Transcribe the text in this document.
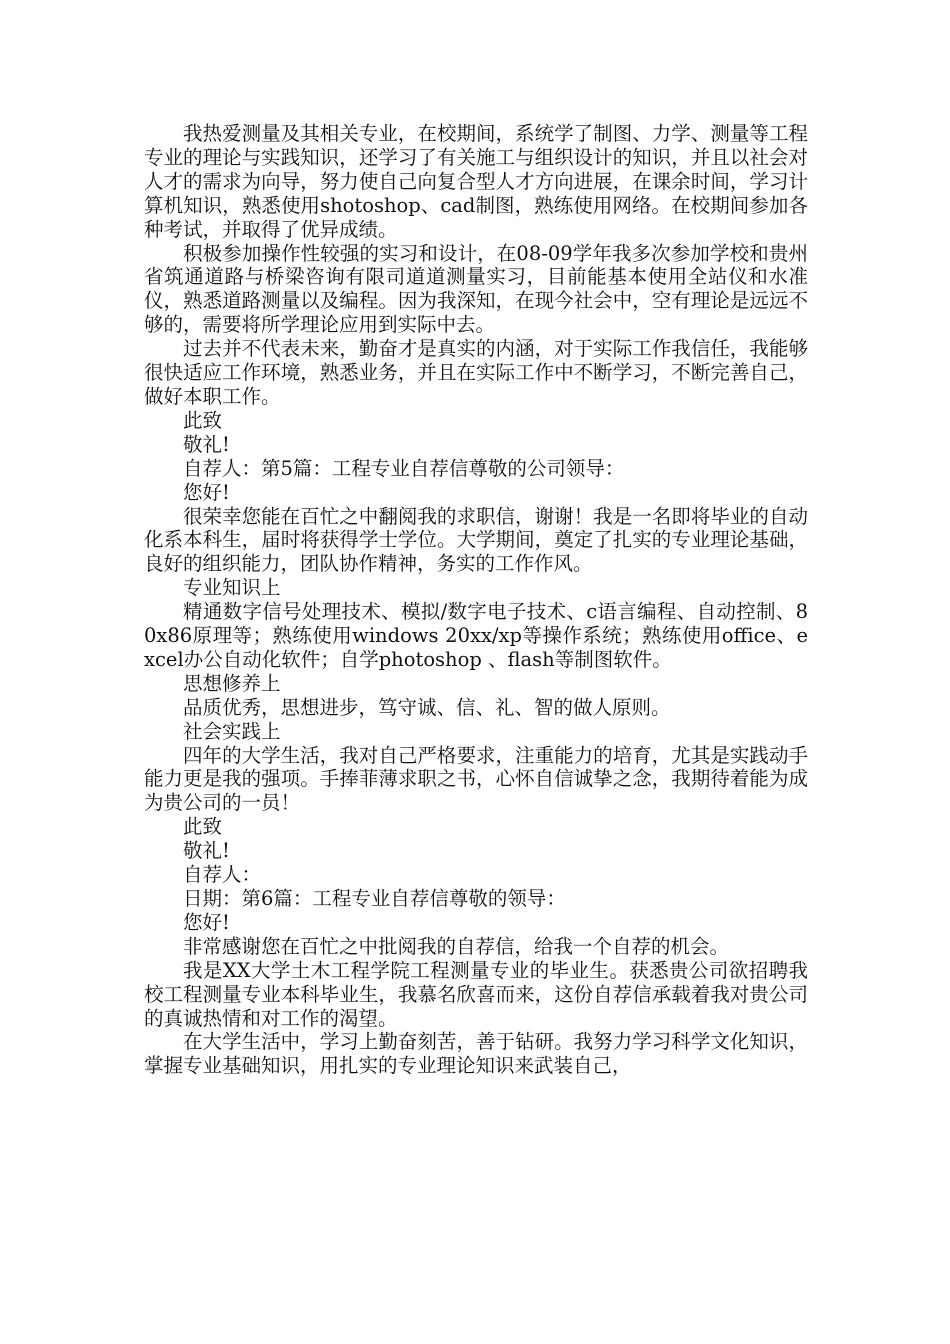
我热爱测量及其相关专业，在校期间，系统学了制图、力学、测量等工程专业的理论与实践知识，还学习了有关施工与组织设计的知识，并且以社会对人才的需求为向导，努力使自己向复合型人才方向进展，在课余时间，学习计算机知识，熟悉使用shotoshop、cad制图，熟练使用网络。在校期间参加各种考试，并取得了优异成绩。

积极参加操作性较强的实习和设计，在08-09学年我多次参加学校和贵州省筑通道路与桥梁咨询有限司道道测量实习，目前能基本使用全站仪和水准仪，熟悉道路测量以及编程。因为我深知，在现今社会中，空有理论是远远不够的，需要将所学理论应用到实际中去。

过去并不代表未来，勤奋才是真实的内涵，对于实际工作我信任，我能够很快适应工作环境，熟悉业务，并且在实际工作中不断学习，不断完善自己，做好本职工作。

此致

敬礼!

自荐人：第5篇：工程专业自荐信尊敬的公司领导：

您好!

很荣幸您能在百忙之中翻阅我的求职信，谢谢！我是一名即将毕业的自动化系本科生，届时将获得学士学位。大学期间，奠定了扎实的专业理论基础，良好的组织能力，团队协作精神，务实的工作作风。

专业知识上

精通数字信号处理技术、模拟/数字电子技术、c语言编程、自动控制、80x86原理等；熟练使用windows 20xx/xp等操作系统；熟练使用office、excel办公自动化软件；自学photoshop 、flash等制图软件。

思想修养上

品质优秀，思想进步，笃守诚、信、礼、智的做人原则。

社会实践上

四年的大学生活，我对自己严格要求，注重能力的培育，尤其是实践动手能力更是我的强项。手捧菲薄求职之书，心怀自信诚挚之念，我期待着能为成为贵公司的一员！

此致

敬礼!

自荐人：

日期：第6篇：工程专业自荐信尊敬的领导：

您好!

非常感谢您在百忙之中批阅我的自荐信，给我一个自荐的机会。

我是XX大学土木工程学院工程测量专业的毕业生。获悉贵公司欲招聘我校工程测量专业本科毕业生，我慕名欣喜而来，这份自荐信承载着我对贵公司的真诚热情和对工作的渴望。

在大学生活中，学习上勤奋刻苦，善于钻研。我努力学习科学文化知识，掌握专业基础知识，用扎实的专业理论知识来武装自己，
